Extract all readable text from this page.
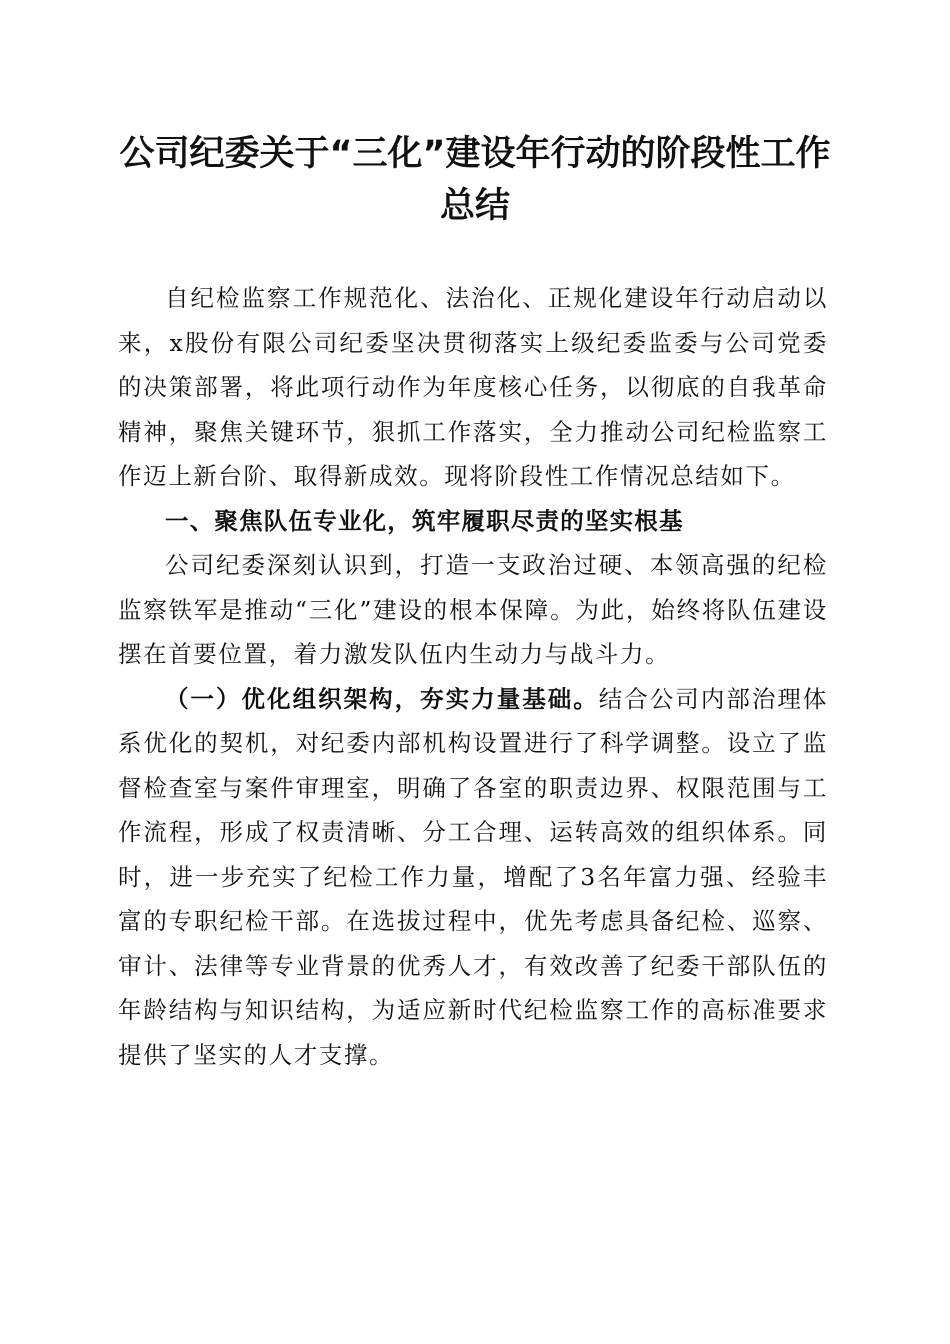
公司纪委关于“三化”建设年行动的阶段性工作总结

自纪检监察工作规范化、法治化、正规化建设年行动启动以来，x股份有限公司纪委坚决贯彻落实上级纪委监委与公司党委的决策部署，将此项行动作为年度核心任务，以彻底的自我革命精神，聚焦关键环节，狠抓工作落实，全力推动公司纪检监察工作迈上新台阶、取得新成效。现将阶段性工作情况总结如下。

一、聚焦队伍专业化，筑牢履职尽责的坚实根基

公司纪委深刻认识到，打造一支政治过硬、本领高强的纪检监察铁军是推动“三化”建设的根本保障。为此，始终将队伍建设摆在首要位置，着力激发队伍内生动力与战斗力。

（一）优化组织架构，夯实力量基础。结合公司内部治理体系优化的契机，对纪委内部机构设置进行了科学调整。设立了监督检查室与案件审理室，明确了各室的职责边界、权限范围与工作流程，形成了权责清晰、分工合理、运转高效的组织体系。同时，进一步充实了纪检工作力量，增配了3名年富力强、经验丰富的专职纪检干部。在选拔过程中，优先考虑具备纪检、巡察、审计、法律等专业背景的优秀人才，有效改善了纪委干部队伍的年龄结构与知识结构，为适应新时代纪检监察工作的高标准要求提供了坚实的人才支撑。
